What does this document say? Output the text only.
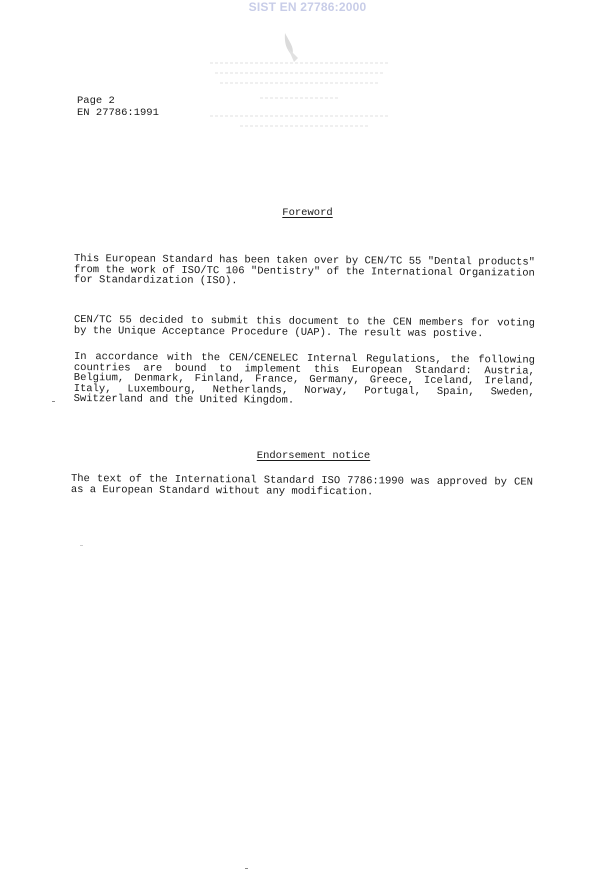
SIST EN 27786:2000
Page 2
EN 27786:1991
Foreword
This European Standard has been taken over by CEN/TC 55 "Dental products" from the work of ISO/TC 106 "Dentistry" of the International Organization for Standardization (ISO).
CEN/TC 55 decided to submit this document to the CEN members for voting by the Unique Acceptance Procedure (UAP). The result was postive.
In accordance with the CEN/CENELEC Internal Regulations, the following countries are bound to implement this European Standard: Austria, Belgium, Denmark, Finland, France, Germany, Greece, Iceland, Ireland, Italy, Luxembourg, Netherlands, Norway, Portugal, Spain, Sweden, Switzerland and the United Kingdom.
Endorsement notice
The text of the International Standard ISO 7786:1990 was approved by CEN as a European Standard without any modification.
